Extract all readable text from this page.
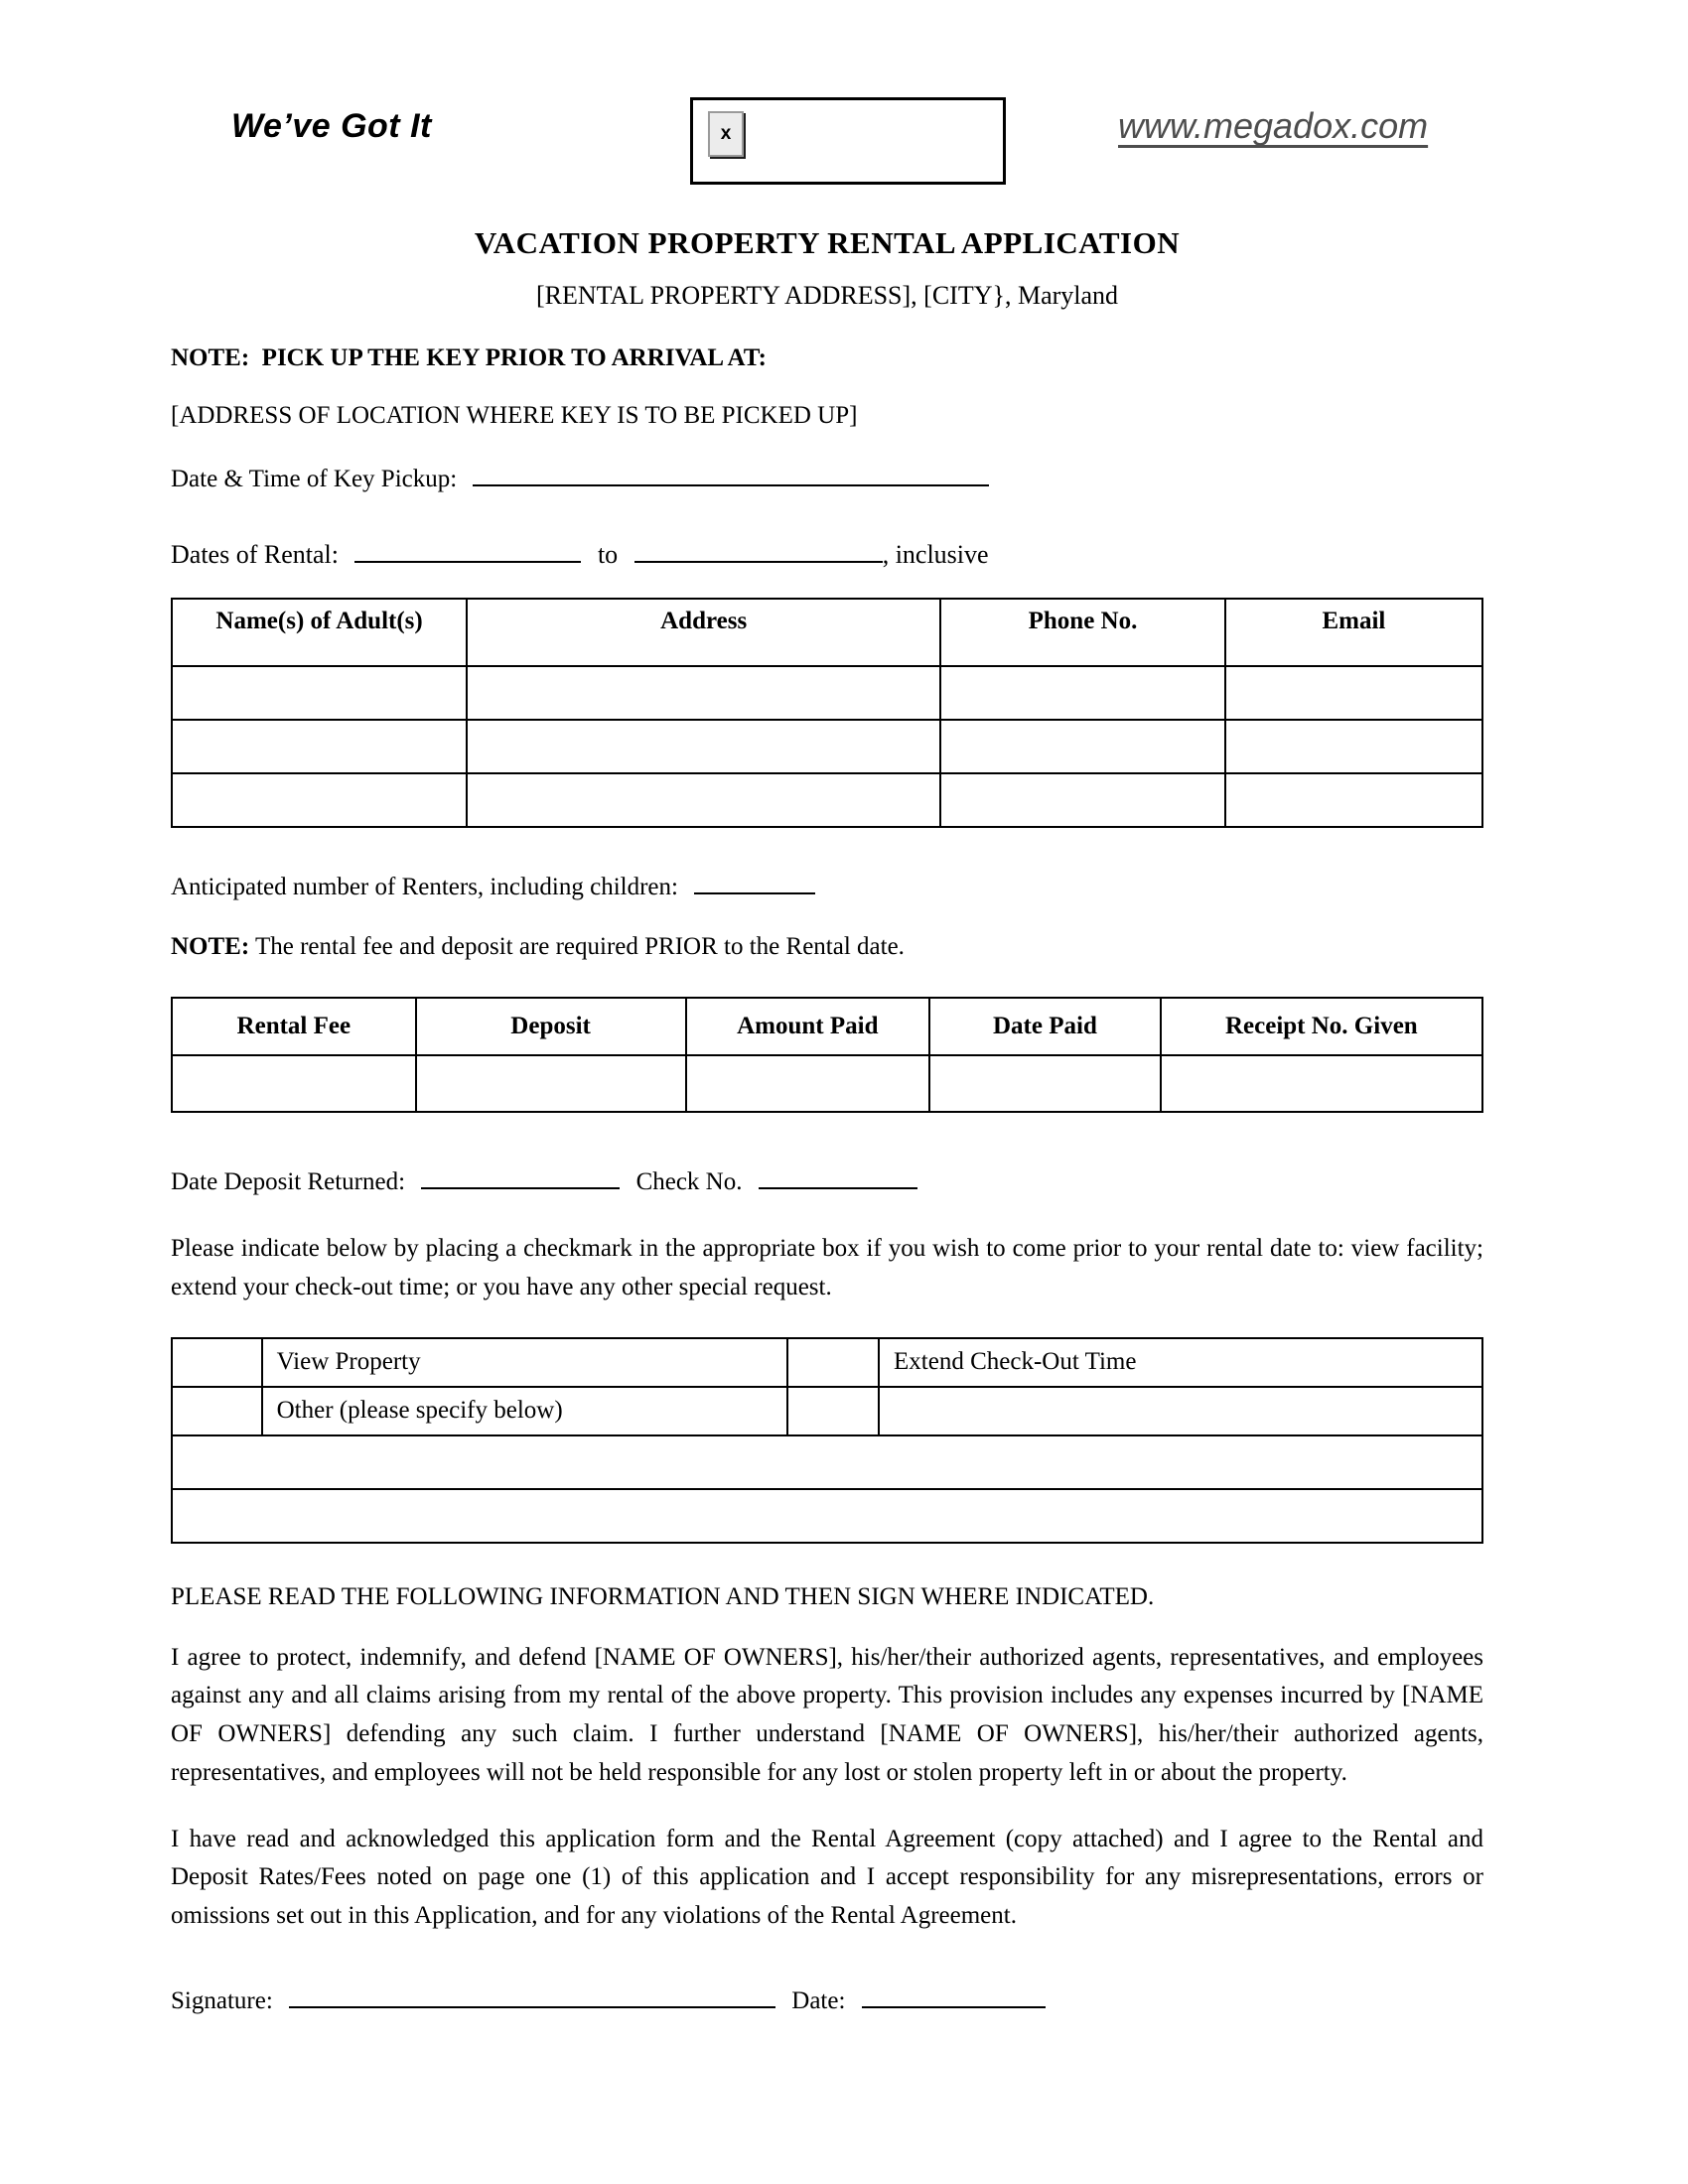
We’ve Got It	x	www.megadox.com
VACATION PROPERTY RENTAL APPLICATION
[RENTAL PROPERTY ADDRESS], [CITY}, Maryland
NOTE:  PICK UP THE KEY PRIOR TO ARRIVAL AT:
[ADDRESS OF LOCATION WHERE KEY IS TO BE PICKED UP]
Date & Time of Key Pickup:
Dates of Rental:	to	, inclusive
Name(s) of Adult(s)	Address	Phone No.	Email

Anticipated number of Renters, including children:
NOTE: The rental fee and deposit are required PRIOR to the Rental date.
Rental Fee	Deposit	Amount Paid	Date Paid	Receipt No. Given

Date Deposit Returned:	Check No.
Please indicate below by placing a checkmark in the appropriate box if you wish to come prior to your rental date to: view facility; extend your check-out time; or you have any other special request.
	View Property		Extend Check-Out Time
	Other (please specify below)		

PLEASE READ THE FOLLOWING INFORMATION AND THEN SIGN WHERE INDICATED.
I agree to protect, indemnify, and defend [NAME OF OWNERS], his/her/their authorized agents, representatives, and employees against any and all claims arising from my rental of the above property. This provision includes any expenses incurred by [NAME OF OWNERS] defending any such claim. I further understand [NAME OF OWNERS], his/her/their authorized agents, representatives, and employees will not be held responsible for any lost or stolen property left in or about the property.
I have read and acknowledged this application form and the Rental Agreement (copy attached) and I agree to the Rental and Deposit Rates/Fees noted on page one (1) of this application and I accept responsibility for any misrepresentations, errors or omissions set out in this Application, and for any violations of the Rental Agreement.
Signature:	Date:
